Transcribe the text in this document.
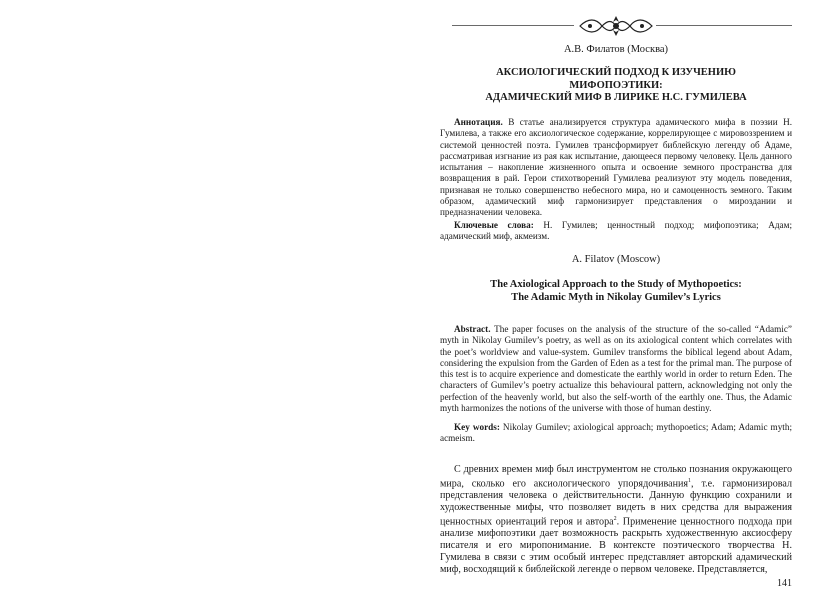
А.В. Филатов (Москва)
АКСИОЛОГИЧЕСКИЙ ПОДХОД К ИЗУЧЕНИЮ
МИФОПОЭТИКИ:
АДАМИЧЕСКИЙ МИФ В ЛИРИКЕ Н.С. ГУМИЛЕВА
Аннотация. В статье анализируется структура адамического мифа в поэзии Н. Гумилева, а также его аксиологическое содержание, коррелирующее с мировоззрением и системой ценностей поэта. Гумилев трансформирует библейскую легенду об Адаме, рассматривая изгнание из рая как испытание, дающееся первому человеку. Цель данного испытания – накопление жизненного опыта и освоение земного пространства для возвращения в рай. Герои стихотворений Гумилева реализуют эту модель поведения, признавая не только совершенство небесного мира, но и самоценность земного. Таким образом, адамический миф гармонизирует представления о мироздании и предназначении человека.
Ключевые слова: Н. Гумилев; ценностный подход; мифопоэтика; Адам; адамический миф, акмеизм.
A. Filatov (Moscow)
The Axiological Approach to the Study of Mythopoetics:
The Adamic Myth in Nikolay Gumilev’s Lyrics
Abstract. The paper focuses on the analysis of the structure of the so-called “Adamic” myth in Nikolay Gumilev’s poetry, as well as on its axiological content which correlates with the poet’s worldview and value-system. Gumilev transforms the biblical legend about Adam, considering the expulsion from the Garden of Eden as a test for the primal man. The purpose of this test is to acquire experience and domesticate the earthly world in order to return Eden. The characters of Gumilev’s poetry actualize this behavioural pattern, acknowledging not only the perfection of the heavenly world, but also the self-worth of the earthly one. Thus, the Adamic myth harmonizes the notions of the universe with those of human destiny.
Key words: Nikolay Gumilev; axiological approach; mythopoetics; Adam; Adamic myth; acmeism.
С древних времен миф был инструментом не столько познания окружающего мира, сколько его аксиологического упорядочивания$^1$, т.е. гармонизировал представления человека о действительности. Данную функцию сохранили и художественные мифы, что позволяет видеть в них средства для выражения ценностных ориентаций героя и автора$^2$. Применение ценностного подхода при анализе мифопоэтики дает возможность раскрыть художественную аксиосферу писателя и его миропонимание. В контексте поэтического творчества Н. Гумилева в связи с этим особый интерес представляет авторский адамический миф, восходящий к библейской легенде о первом человеке. Представляется,
141
